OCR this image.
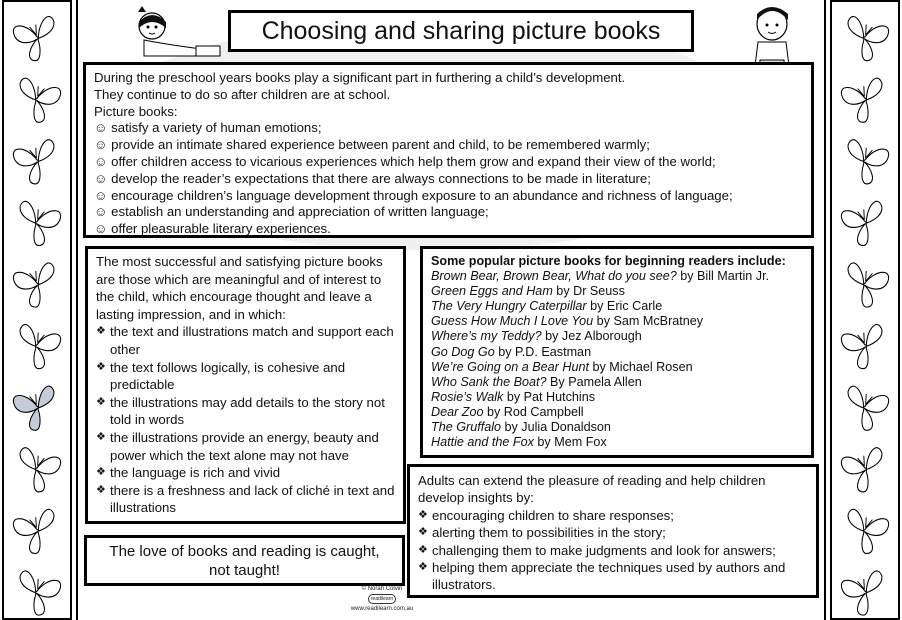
Choosing and sharing picture books

During the preschool years books play a significant part in furthering a child’s development.

They continue to do so after children are at school.

Picture books:

☺ satisfy a variety of human emotions;

☺ provide an intimate shared experience between parent and child, to be remembered warmly;

☺ offer children access to vicarious experiences which help them grow and expand their view of the world;

☺ develop the reader’s expectations that there are always connections to be made in literature;

☺ encourage children’s language development through exposure to an abundance and richness of language;

☺ establish an understanding and appreciation of written language;

☺ offer pleasurable literary experiences.

The most successful and satisfying picture books are those which are meaningful and of interest to the child, which encourage thought and leave a lasting impression, and in which:

❖ the text and illustrations match and support each other
❖ the text follows logically, is cohesive and predictable
❖ the illustrations may add details to the story not told in words
❖ the illustrations provide an energy, beauty and power which the text alone may not have
❖ the language is rich and vivid
❖ there is a freshness and lack of cliché in text and illustrations

Some popular picture books for beginning readers include:

Brown Bear, Brown Bear, What do you see? by Bill Martin Jr.

Green Eggs and Ham by Dr Seuss

The Very Hungry Caterpillar by Eric Carle

Guess How Much I Love You by Sam McBratney

Where’s my Teddy? by Jez Alborough

Go Dog Go by P.D. Eastman

We’re Going on a Bear Hunt by Michael Rosen

Who Sank the Boat? By Pamela Allen

Rosie’s Walk by Pat Hutchins

Dear Zoo by Rod Campbell

The Gruffalo by Julia Donaldson

Hattie and the Fox by Mem Fox

Adults can extend the pleasure of reading and help children develop insights by:

❖ encouraging children to share responses;
❖ alerting them to possibilities in the story;
❖ challenging them to make judgments and look for answers;
❖ helping them appreciate the techniques used by authors and illustrators.

The love of books and reading is caught, not taught!

© Norah Colvin
readilearn
www.readilearn.com.au
